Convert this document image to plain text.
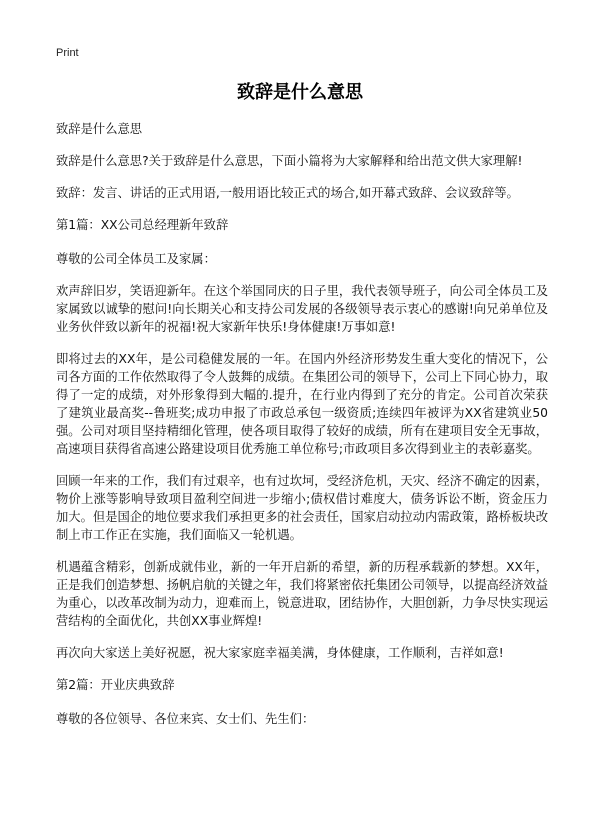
Print
致辞是什么意思

致辞是什么意思

致辞是什么意思?关于致辞是什么意思，下面小篇将为大家解释和给出范文供大家理解!

致辞：发言、讲话的正式用语,一般用语比较正式的场合,如开幕式致辞、会议致辞等。

第1篇：XX公司总经理新年致辞

尊敬的公司全体员工及家属：

欢声辞旧岁，笑语迎新年。在这个举国同庆的日子里，我代表领导班子，向公司全体员工及家属致以诚挚的慰问!向长期关心和支持公司发展的各级领导表示衷心的感谢!向兄弟单位及业务伙伴致以新年的祝福!祝大家新年快乐!身体健康!万事如意!

即将过去的XX年，是公司稳健发展的一年。在国内外经济形势发生重大变化的情况下，公司各方面的工作依然取得了令人鼓舞的成绩。在集团公司的领导下，公司上下同心协力，取得了一定的成绩，对外形象得到大幅的.提升，在行业内得到了充分的肯定。公司首次荣获了建筑业最高奖--鲁班奖;成功申报了市政总承包一级资质;连续四年被评为XX省建筑业50强。公司对项目坚持精细化管理，使各项目取得了较好的成绩，所有在建项目安全无事故，高速项目获得省高速公路建设项目优秀施工单位称号;市政项目多次得到业主的表彰嘉奖。

回顾一年来的工作，我们有过艰辛，也有过坎坷，受经济危机，天灾、经济不确定的因素，物价上涨等影响导致项目盈利空间进一步缩小;债权借讨难度大，债务诉讼不断，资金压力加大。但是国企的地位要求我们承担更多的社会责任，国家启动拉动内需政策，路桥板块改制上市工作正在实施，我们面临又一轮机遇。

机遇蕴含精彩，创新成就伟业，新的一年开启新的希望，新的历程承载新的梦想。XX年，正是我们创造梦想、扬帆启航的关键之年，我们将紧密依托集团公司领导，以提高经济效益为重心，以改革改制为动力，迎难而上，锐意进取，团结协作，大胆创新，力争尽快实现运营结构的全面优化，共创XX事业辉煌!

再次向大家送上美好祝愿，祝大家家庭幸福美满，身体健康，工作顺利，吉祥如意!

第2篇：开业庆典致辞

尊敬的各位领导、各位来宾、女士们、先生们：
